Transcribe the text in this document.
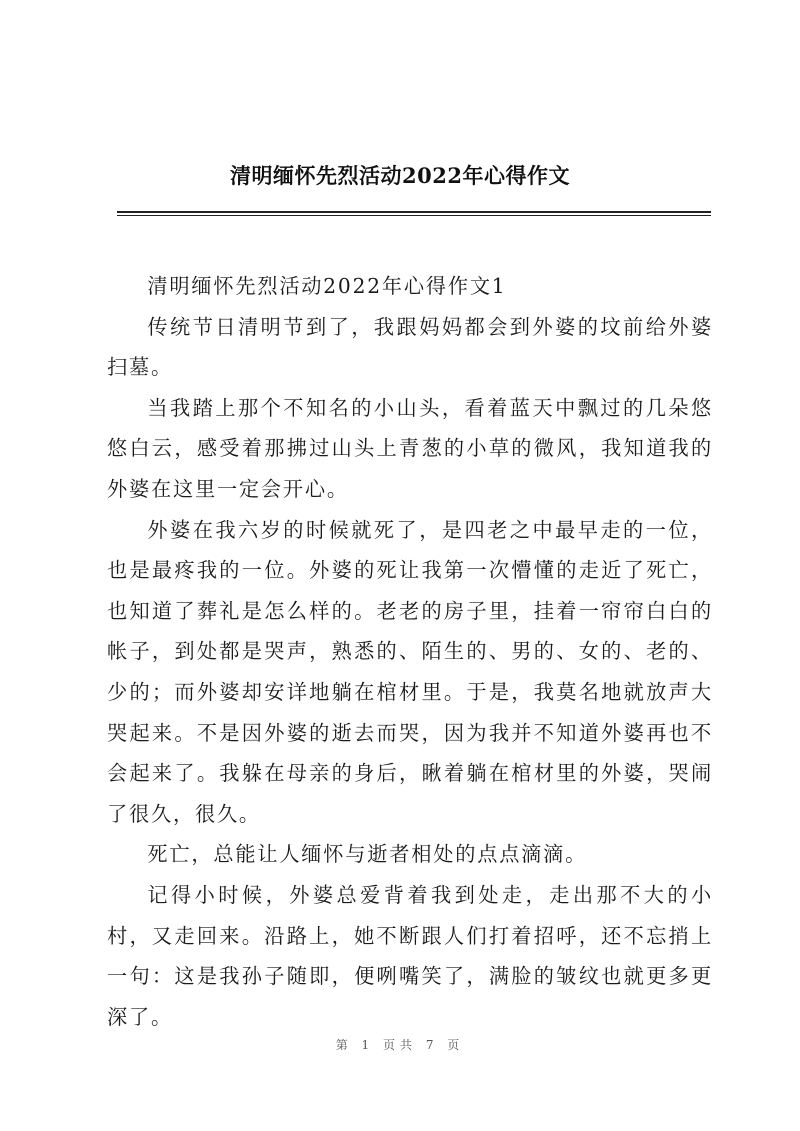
清明缅怀先烈活动2022年心得作文

清明缅怀先烈活动2022年心得作文1

传统节日清明节到了，我跟妈妈都会到外婆的坟前给外婆扫墓。

当我踏上那个不知名的小山头，看着蓝天中飘过的几朵悠悠白云，感受着那拂过山头上青葱的小草的微风，我知道我的外婆在这里一定会开心。

外婆在我六岁的时候就死了，是四老之中最早走的一位，也是最疼我的一位。外婆的死让我第一次懵懂的走近了死亡，也知道了葬礼是怎么样的。老老的房子里，挂着一帘帘白白的帐子，到处都是哭声，熟悉的、陌生的、男的、女的、老的、少的；而外婆却安详地躺在棺材里。于是，我莫名地就放声大哭起来。不是因外婆的逝去而哭，因为我并不知道外婆再也不会起来了。我躲在母亲的身后，瞅着躺在棺材里的外婆，哭闹了很久，很久。

死亡，总能让人缅怀与逝者相处的点点滴滴。

记得小时候，外婆总爱背着我到处走，走出那不大的小村，又走回来。沿路上，她不断跟人们打着招呼，还不忘捎上一句：这是我孙子随即，便咧嘴笑了，满脸的皱纹也就更多更深了。

第 1 页共 7 页
